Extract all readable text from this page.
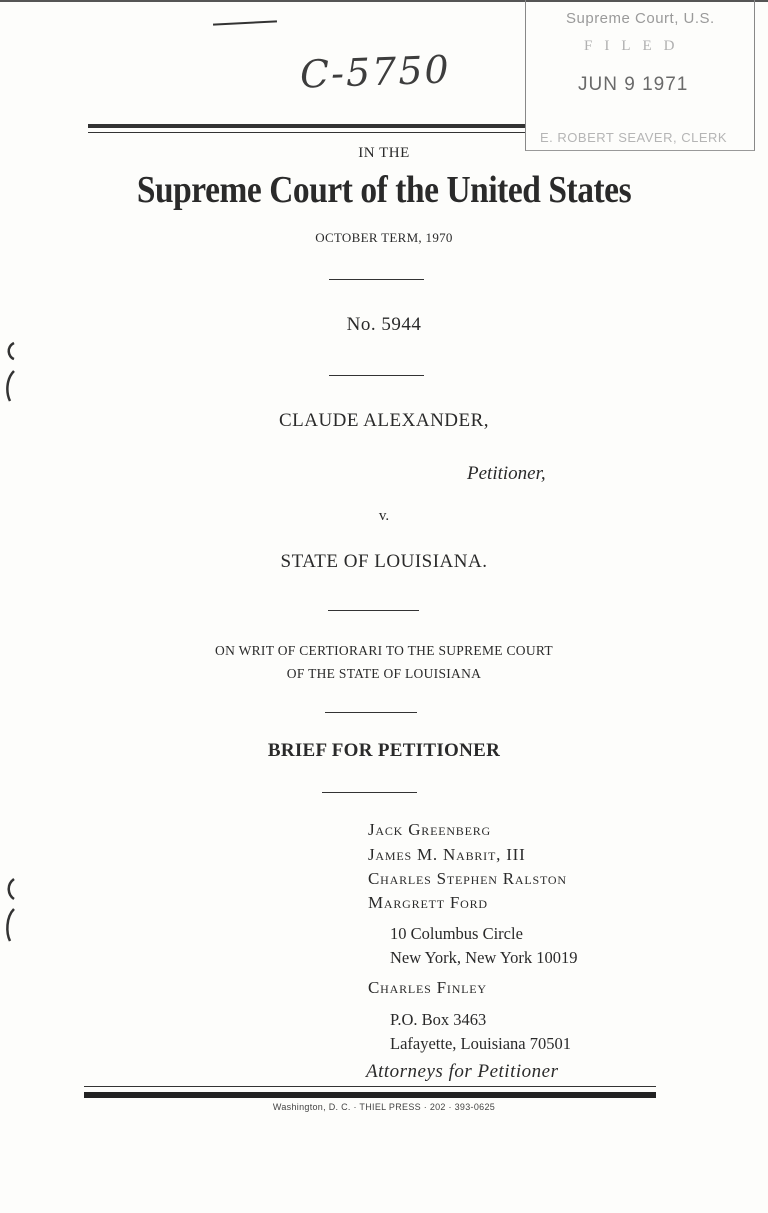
Supreme Court, U.S.
FILED
JUN 9 1971
E. ROBERT SEAVER, CLERK
C-5750
IN THE
Supreme Court of the United States
OCTOBER TERM, 1970
No. 5944
CLAUDE ALEXANDER,
Petitioner,
v.
STATE OF LOUISIANA.
ON WRIT OF CERTIORARI TO THE SUPREME COURT
OF THE STATE OF LOUISIANA
BRIEF FOR PETITIONER
Jack Greenberg
James M. Nabrit, III
Charles Stephen Ralston
Margrett Ford
10 Columbus Circle
New York, New York 10019
Charles Finley
P.O. Box 3463
Lafayette, Louisiana 70501
Attorneys for Petitioner
Washington, D. C. · THIEL PRESS · 202 · 393-0625
